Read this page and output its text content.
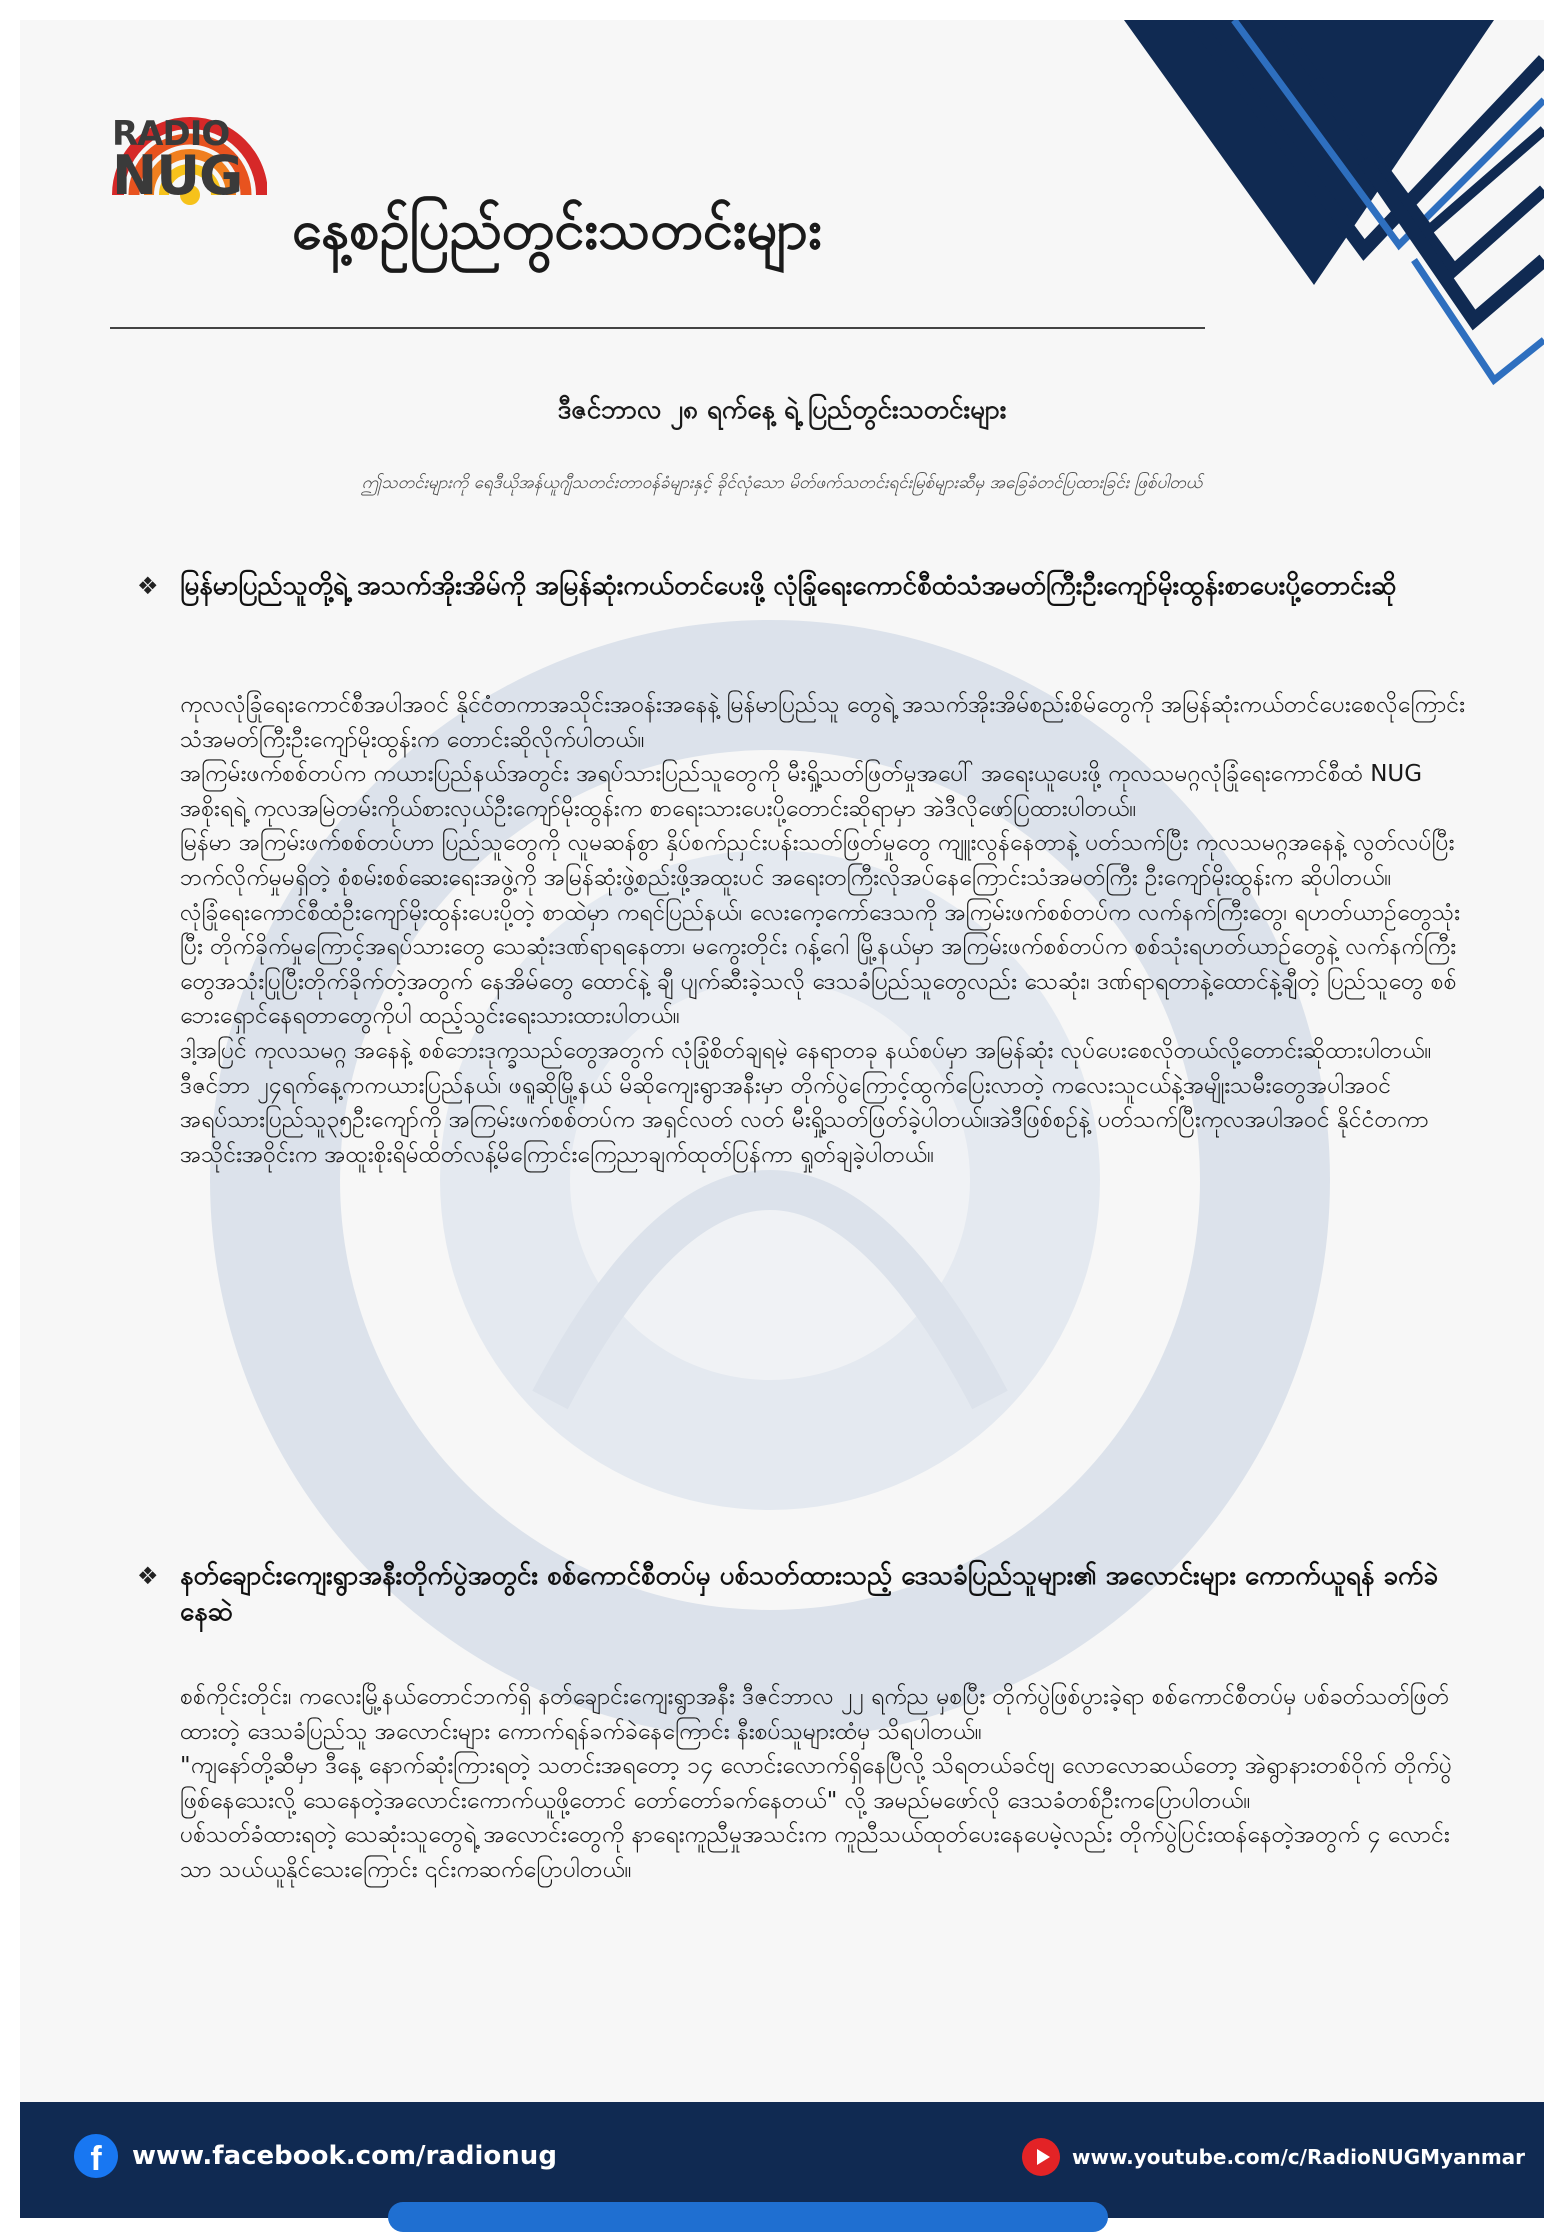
RADIO
NUG
နေ့စဉ်ပြည်တွင်းသတင်းများ
ဒီဇင်ဘာလ ၂၈ ရက်နေ့ ရဲ့ ပြည်တွင်းသတင်းများ
ဤသတင်းများကို ရေဒီယိုအန်ယူဂျီသတင်းတာဝန်ခံများနှင့် ခိုင်လုံသော မိတ်ဖက်သတင်းရင်းမြစ်များဆီမှ အခြေခံတင်ပြထားခြင်း ဖြစ်ပါတယ်
❖ မြန်မာပြည်သူတို့ရဲ့ အသက်အိုးအိမ်ကို အမြန်ဆုံးကယ်တင်ပေးဖို့ လုံခြုံရေးကောင်စီထံသံအမတ်ကြီးဦးကျော်မိုးထွန်းစာပေးပို့တောင်းဆို

ကုလလုံခြုံရေးကောင်စီအပါအဝင် နိုင်ငံတကာအသိုင်းအဝန်းအနေနဲ့ မြန်မာပြည်သူ တွေရဲ့ အသက်အိုးအိမ်စည်းစိမ်တွေကို အမြန်ဆုံးကယ်တင်ပေးစေလိုကြောင်းသံအမတ်ကြီးဦးကျော်မိုးထွန်းက တောင်းဆိုလိုက်ပါတယ်။

အကြမ်းဖက်စစ်တပ်က ကယားပြည်နယ်အတွင်း အရပ်သားပြည်သူတွေကို မီးရှို့သတ်ဖြတ်မှုအပေါ် အရေးယူပေးဖို့ ကုလသမဂ္ဂလုံခြုံရေးကောင်စီထံ NUG အစိုးရရဲ့ ကုလအမြဲတမ်းကိုယ်စားလှယ်ဦးကျော်မိုးထွန်းက စာရေးသားပေးပို့တောင်းဆိုရာမှာ အဲဒီလိုဖော်ပြထားပါတယ်။

မြန်မာ အကြမ်းဖက်စစ်တပ်ဟာ ပြည်သူတွေကို လူမဆန်စွာ နှိပ်စက်ညှင်းပန်းသတ်ဖြတ်မှုတွေ ကျူးလွန်နေတာနဲ့ ပတ်သက်ပြီး ကုလသမဂ္ဂအနေနဲ့ လွတ်လပ်ပြီးဘက်လိုက်မှုမရှိတဲ့ စုံစမ်းစစ်ဆေးရေးအဖွဲ့ကို အမြန်ဆုံးဖွဲ့စည်းဖို့အထူးပင် အရေးတကြီးလိုအပ်နေကြောင်းသံအမတ်ကြီး ဦးကျော်မိုးထွန်းက ဆိုပါတယ်။

လုံခြုံရေးကောင်စီထံဦးကျော်မိုးထွန်းပေးပို့တဲ့ စာထဲမှာ ကရင်ပြည်နယ်၊ လေးကေ့ကော်ဒေသကို အကြမ်းဖက်စစ်တပ်က လက်နက်ကြီးတွေ၊ ရဟတ်ယာဉ်တွေသုံးပြီး တိုက်ခိုက်မှုကြောင့်အရပ်သားတွေ သေဆုံးဒဏ်ရာရနေတာ၊ မကွေးတိုင်း ဂန့်ဂေါ မြို့နယ်မှာ အကြမ်းဖက်စစ်တပ်က စစ်သုံးရဟတ်ယာဉ်တွေနဲ့ လက်နက်ကြီးတွေအသုံးပြုပြီးတိုက်ခိုက်တဲ့အတွက် နေအိမ်တွေ ထောင်နဲ့ ချီ ပျက်ဆီးခဲ့သလို ဒေသခံပြည်သူတွေလည်း သေဆုံး၊ ဒဏ်ရာရတာနဲ့ထောင်နဲ့ချီတဲ့ ပြည်သူတွေ စစ်ဘေးရှောင်နေရတာတွေကိုပါ ထည့်သွင်းရေးသားထားပါတယ်။

ဒါ့အပြင် ကုလသမဂ္ဂ အနေနဲ့ စစ်ဘေးဒုက္ခသည်တွေအတွက် လုံခြုံစိတ်ချရမဲ့ နေရာတခု နယ်စပ်မှာ အမြန်ဆုံး လုပ်ပေးစေလိုတယ်လို့တောင်းဆိုထားပါတယ်။

ဒီဇင်ဘာ ၂၄ရက်နေ့ကကယားပြည်နယ်၊ ဖရူဆိုမြို့နယ် မိဆိုကျေးရွာအနီးမှာ တိုက်ပွဲကြောင့်ထွက်ပြေးလာတဲ့ ကလေးသူငယ်နဲ့အမျိုးသမီးတွေအပါအဝင် အရပ်သားပြည်သူ၃၅ဦးကျော်ကို အကြမ်းဖက်စစ်တပ်က အရှင်လတ် လတ် မီးရှို့သတ်ဖြတ်ခဲ့ပါတယ်။အဲဒီဖြစ်စဉ်နဲ့ ပတ်သက်ပြီးကုလအပါအဝင် နိုင်ငံတကာအသိုင်းအဝိုင်းက အထူးစိုးရိမ်ထိတ်လန့်မိကြောင်းကြေညာချက်ထုတ်ပြန်ကာ ရှုတ်ချခဲ့ပါတယ်။

❖ နတ်ချောင်းကျေးရွာအနီးတိုက်ပွဲအတွင်း စစ်ကောင်စီတပ်မှ ပစ်သတ်ထားသည့် ဒေသခံပြည်သူများ၏ အလောင်းများ ကောက်ယူရန် ခက်ခဲနေဆဲ

စစ်ကိုင်းတိုင်း၊ ကလေးမြို့နယ်တောင်ဘက်ရှိ နတ်ချောင်းကျေးရွာအနီး ဒီဇင်ဘာလ ၂၂ ရက်ည မှစပြီး တိုက်ပွဲဖြစ်ပွားခဲ့ရာ စစ်ကောင်စီတပ်မှ ပစ်ခတ်သတ်ဖြတ်ထားတဲ့ ဒေသခံပြည်သူ အလောင်းများ ကောက်ရန်ခက်ခဲနေကြောင်း နီးစပ်သူများထံမှ သိရပါတယ်။

"ကျနော်တို့ဆီမှာ ဒီနေ့ နောက်ဆုံးကြားရတဲ့ သတင်းအရတော့ ၁၄ လောင်းလောက်ရှိနေပြီလို့ သိရတယ်ခင်ဗျ လောလောဆယ်တော့ အဲရွာနားတစ်ဝိုက် တိုက်ပွဲဖြစ်နေသေးလို့ သေနေတဲ့အလောင်းကောက်ယူဖို့တောင် တော်တော်ခက်နေတယ်" လို့ အမည်မဖော်လို ဒေသခံတစ်ဦးကပြောပါတယ်။

ပစ်သတ်ခံထားရတဲ့ သေဆုံးသူတွေရဲ့ အလောင်းတွေကို နာရေးကူညီမှုအသင်းက ကူညီသယ်ထုတ်ပေးနေပေမဲ့လည်း တိုက်ပွဲပြင်းထန်နေတဲ့အတွက် ၄ လောင်းသာ သယ်ယူနိုင်သေးကြောင်း ၎င်းကဆက်ပြောပါတယ်။

f	www.facebook.com/radionug	www.youtube.com/c/RadioNUGMyanmar
